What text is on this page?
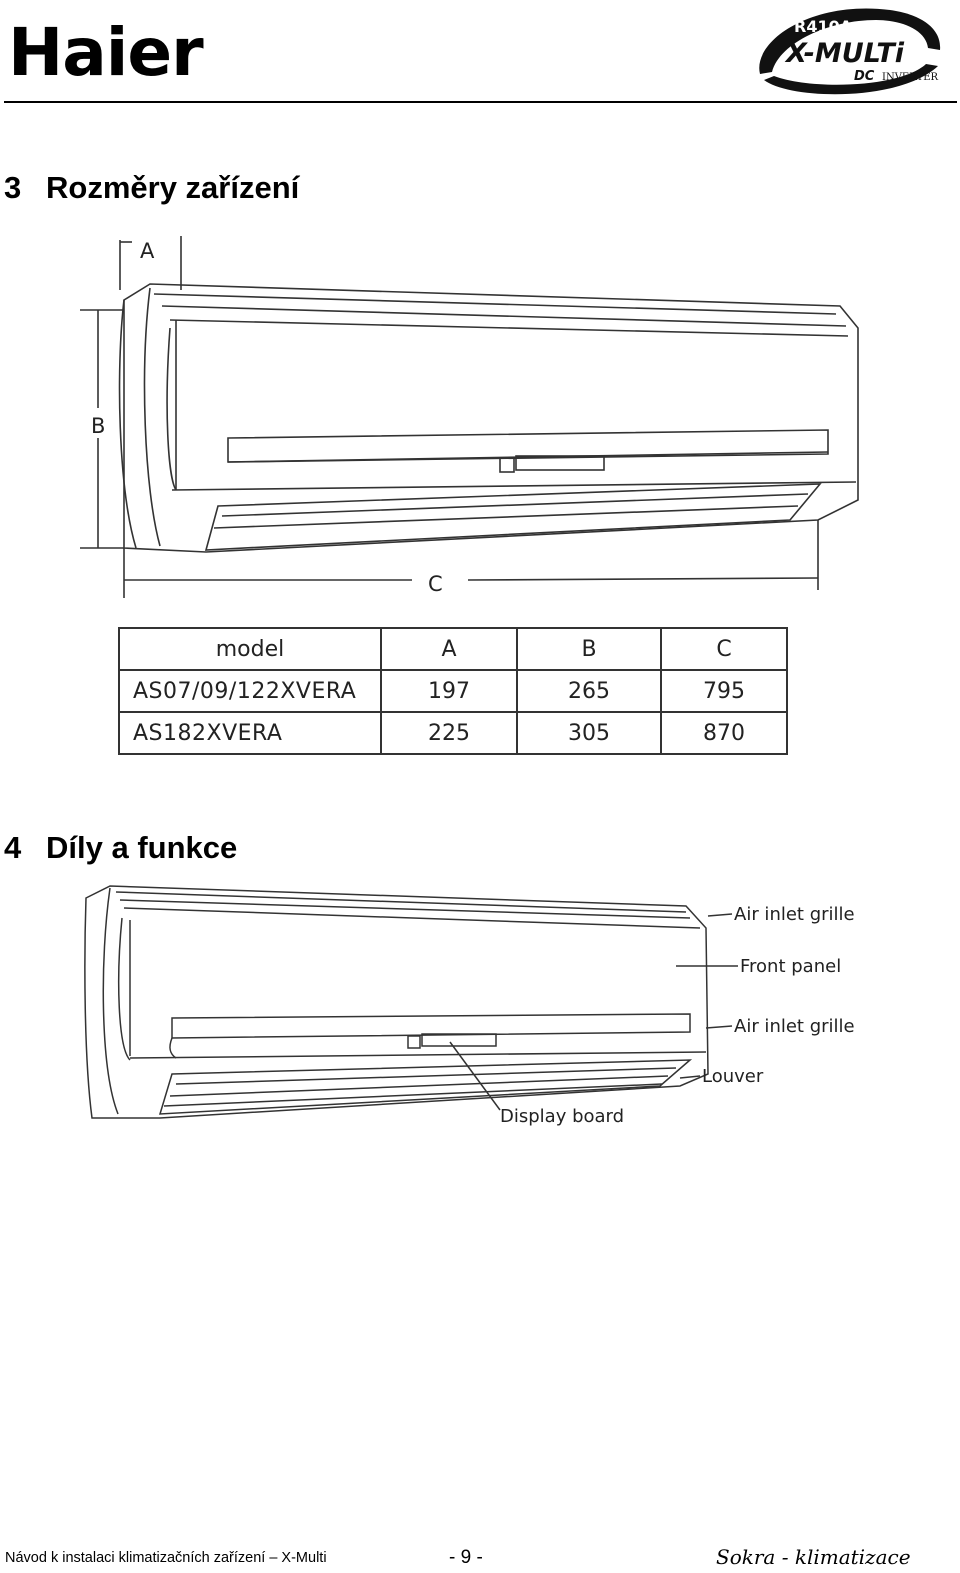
Haier	R410A
X-MULTi
DC INVERTER
3 Rozměry zařízení
A
B
C
model	A	B	C
AS07/09/122XVERA	197	265	795
AS182XVERA	225	305	870
4 Díly a funkce
Air inlet grille
Front panel
Air inlet grille
Louver
Display board
Návod k instalaci klimatizačních zařízení – X-Multi	- 9 -	Sokra - klimatizace
